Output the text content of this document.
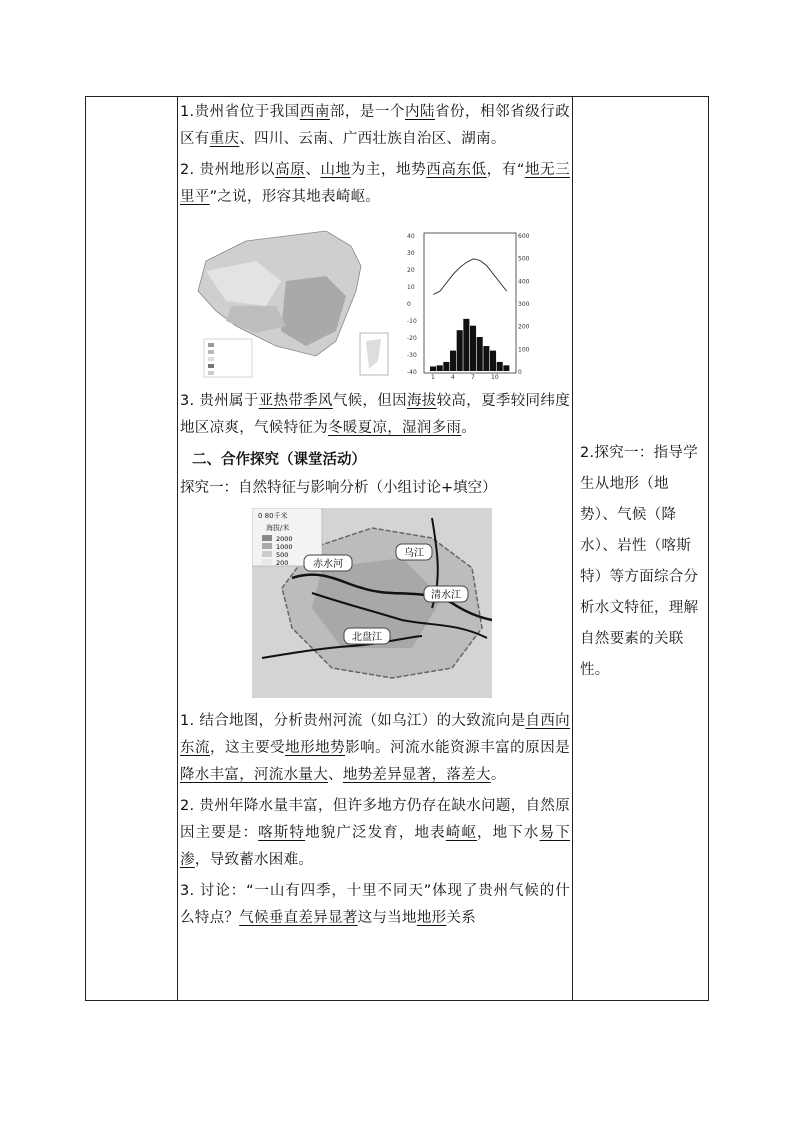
1.贵州省位于我国西南部，是一个内陆省份，相邻省级行政区有重庆、四川、云南、广西壮族自治区、湖南。

2. 贵州地形以高原、山地为主，地势西高东低，有“地无三里平”之说，形容其地表崎岖。

40
30
20
10
0
-10
-20
-30
-40
600
500
400
300
200
100
0
1	4	7	10

3. 贵州属于亚热带季风气候，但因海拔较高，夏季较同纬度地区凉爽，气候特征为冬暖夏凉，湿润多雨。

二、合作探究（课堂活动）

探究一：自然特征与影响分析（小组讨论+填空）

0 80千米
海拔/米
2000
1000
500
200 赤水河
乌江
清水江
北盘江

1. 结合地图，分析贵州河流（如乌江）的大致流向是自西向东流，这主要受地形地势影响。河流水能资源丰富的原因是降水丰富，河流水量大、地势差异显著，落差大。

2. 贵州年降水量丰富，但许多地方仍存在缺水问题，自然原因主要是：喀斯特地貌广泛发育，地表崎岖，地下水易下渗，导致蓄水困难。

3. 讨论：“一山有四季，十里不同天”体现了贵州气候的什么特点？气候垂直差异显著这与当地地形关系

2.探究一：指导学生从地形（地势）、气候（降水）、岩性（喀斯特）等方面综合分析水文特征，理解自然要素的关联性。
